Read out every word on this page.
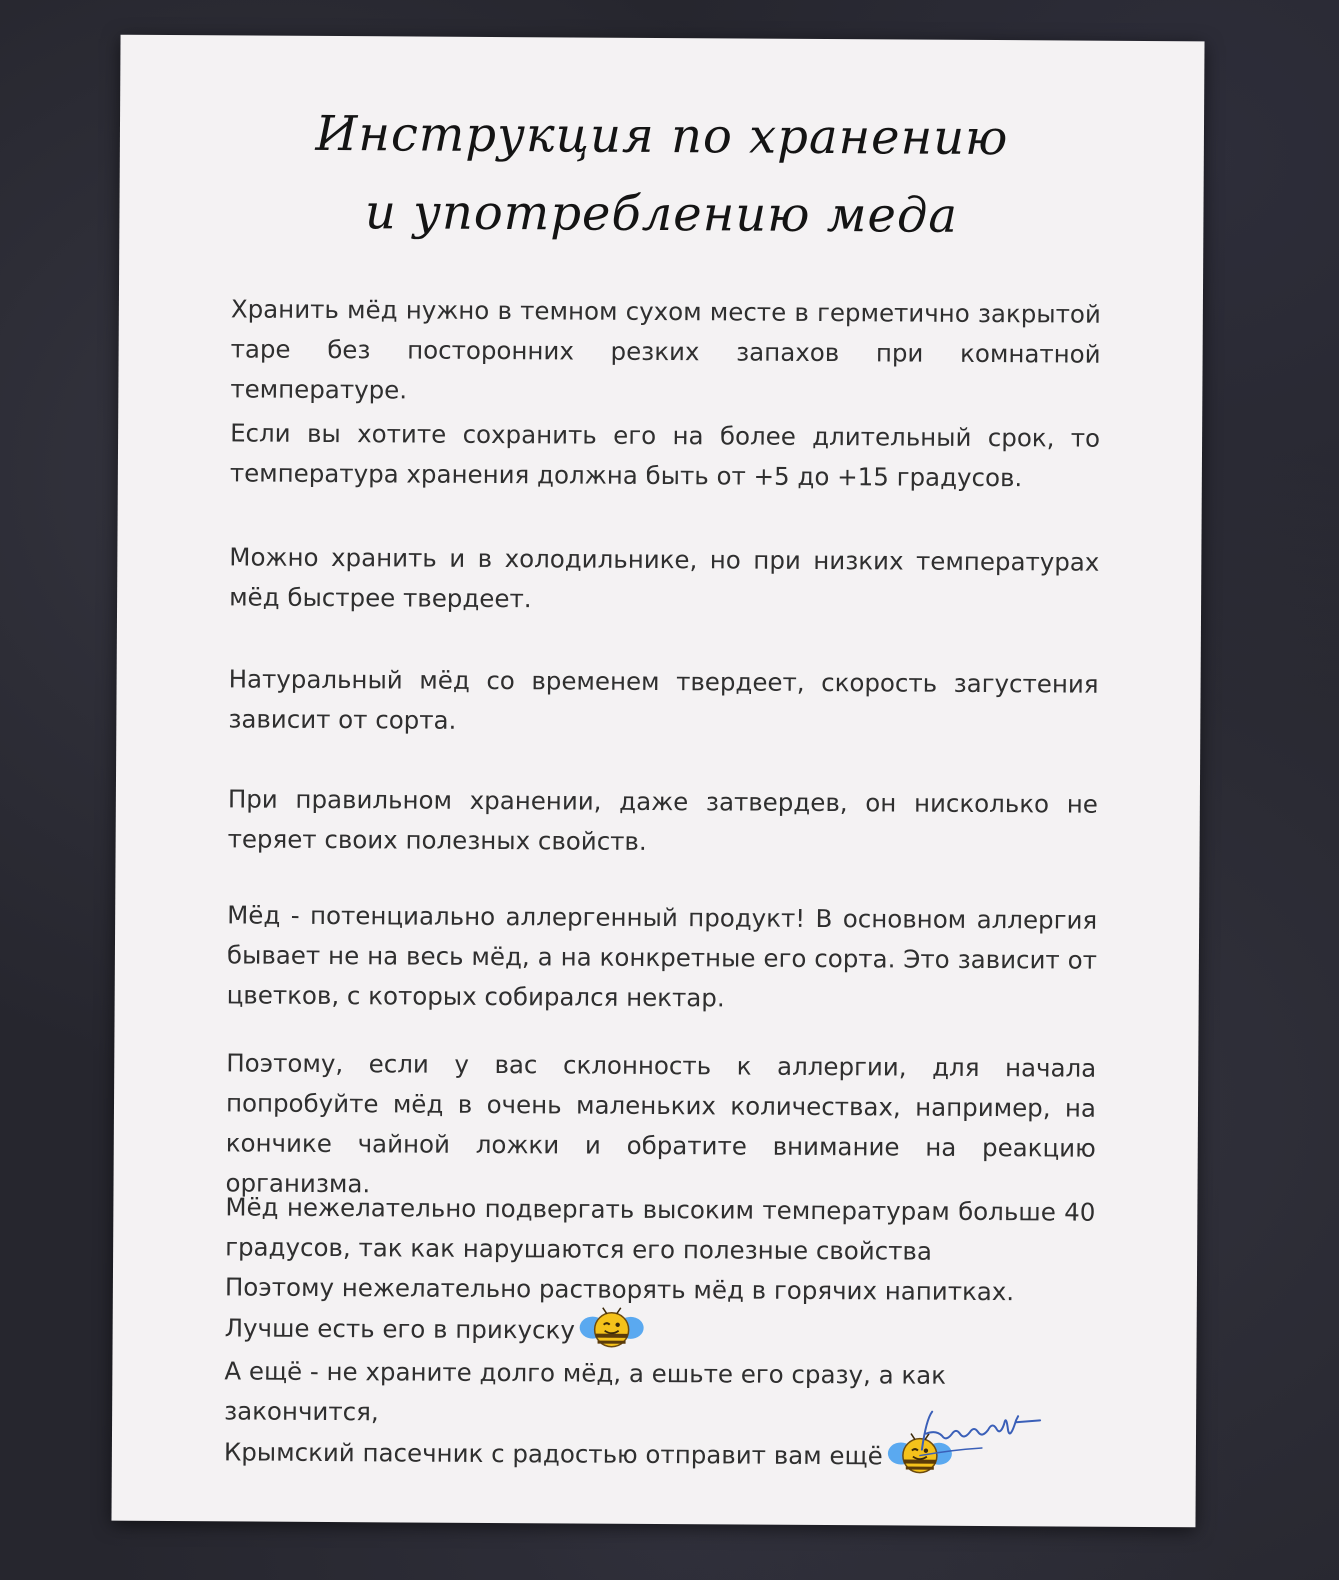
Инструкция по хранению
и употреблению меда

Хранить мёд нужно в темном сухом месте в герметично закрытой таре без посторонних резких запахов при комнатной температуре.

Если вы хотите сохранить его на более длительный срок, то температура хранения должна быть от +5 до +15 градусов.

Можно хранить и в холодильнике, но при низких температурах мёд быстрее твердеет.

Натуральный мёд со временем твердеет, скорость загустения зависит от сорта.

При правильном хранении, даже затвердев, он нисколько не теряет своих полезных свойств.

Мёд - потенциально аллергенный продукт! В основном аллергия бывает не на весь мёд, а на конкретные его сорта. Это зависит от цветков, с которых собирался нектар.

Поэтому, если у вас склонность к аллергии, для начала попробуйте мёд в очень маленьких количествах, например, на кончике чайной ложки и обратите внимание на реакцию организма.

Мёд нежелательно подвергать высоким температурам больше 40 градусов, так как нарушаются его полезные свойства

Поэтому нежелательно растворять мёд в горячих напитках.

Лучше есть его в прикуску

А ещё - не храните долго мёд, а ешьте его сразу, а как закончится,

Крымский пасечник с радостью отправит вам ещё
